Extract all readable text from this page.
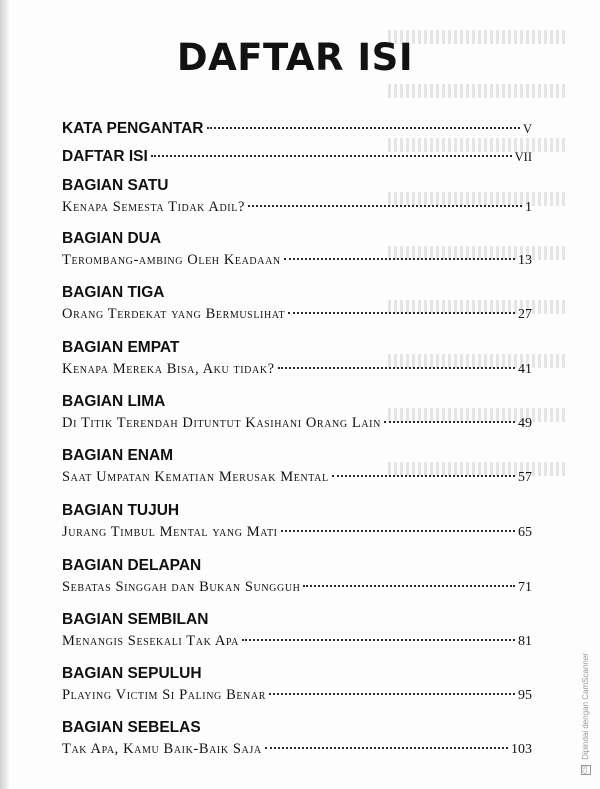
DAFTAR ISI
KATA PENGANTAR	V
DAFTAR ISI	VII
BAGIAN SATU
Kenapa Semesta Tidak Adil?	1
BAGIAN DUA
Terombang-ambing Oleh Keadaan	13
BAGIAN TIGA
Orang Terdekat yang Bermuslihat	27
BAGIAN EMPAT
Kenapa Mereka Bisa, Aku tidak?	41
BAGIAN LIMA
Di Titik Terendah Dituntut Kasihani Orang Lain	49
BAGIAN ENAM
Saat Umpatan Kematian Merusak Mental	57
BAGIAN TUJUH
Jurang Timbul Mental yang Mati	65
BAGIAN DELAPAN
Sebatas Singgah dan Bukan Sungguh	71
BAGIAN SEMBILAN
Menangis Sesekali Tak Apa	81
BAGIAN SEPULUH
Playing Victim Si Paling Benar	95
BAGIAN SEBELAS
Tak Apa, Kamu Baik-Baik Saja	103
CS Dipindai dengan CamScanner
